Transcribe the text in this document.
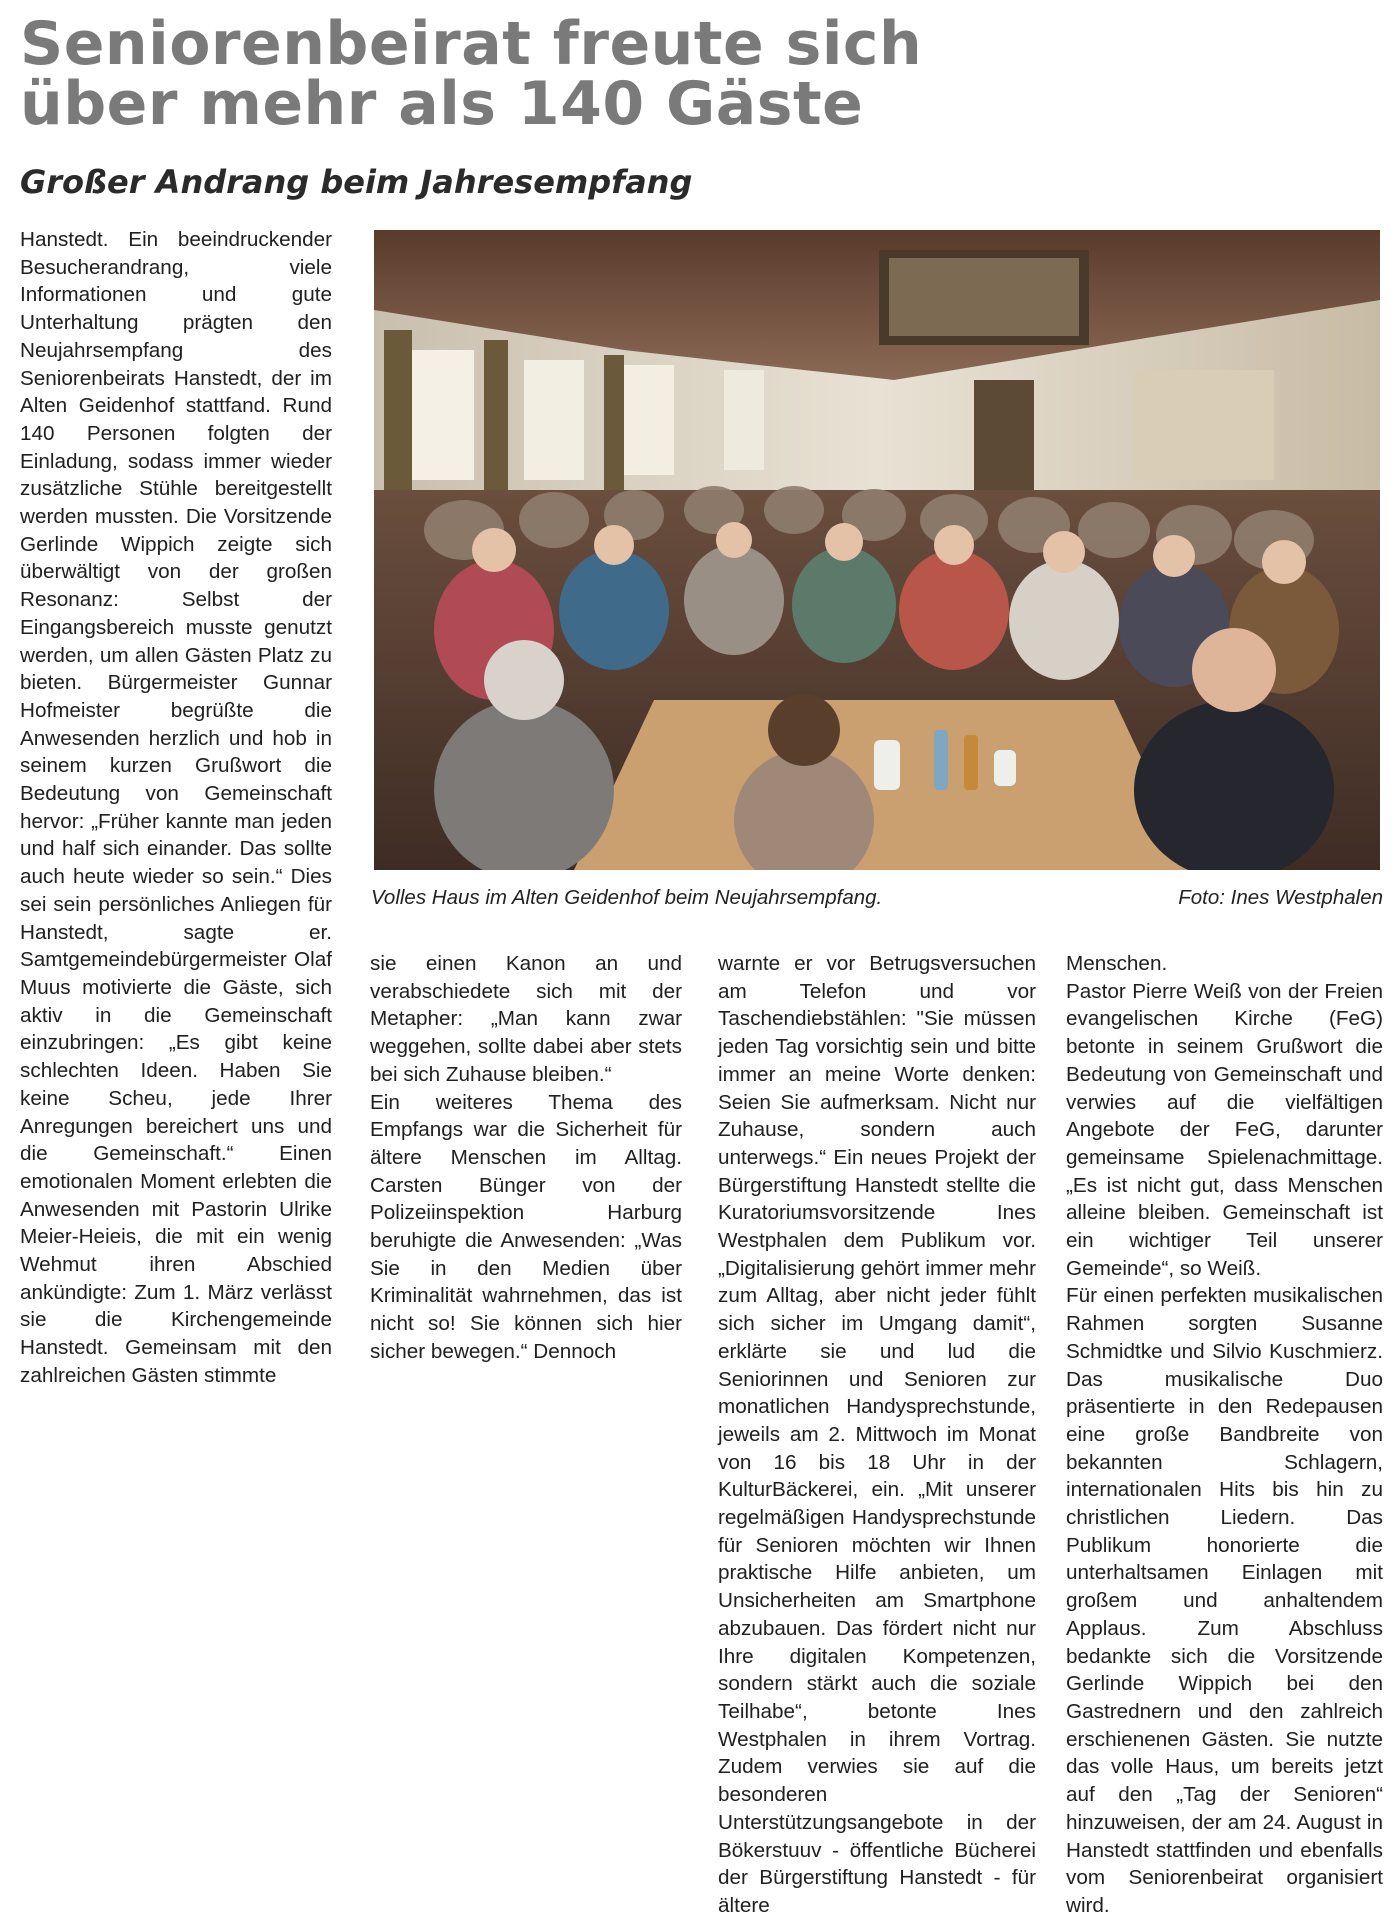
Seniorenbeirat freute sich
über mehr als 140 Gäste
Großer Andrang beim Jahresempfang

Hanstedt. Ein beeindruckender Besucherandrang, viele Informationen und gute Unterhaltung prägten den Neujahrsempfang des Seniorenbeirats Hanstedt, der im Alten Geidenhof stattfand. Rund 140 Personen folgten der Einladung, sodass immer wieder zusätzliche Stühle bereitgestellt werden mussten. Die Vorsitzende Gerlinde Wippich zeigte sich überwältigt von der großen Resonanz: Selbst der Eingangsbereich musste genutzt werden, um allen Gästen Platz zu bieten. Bürgermeister Gunnar Hofmeister begrüßte die Anwesenden herzlich und hob in seinem kurzen Grußwort die Bedeutung von Gemeinschaft hervor: „Früher kannte man jeden und half sich einander. Das sollte auch heute wieder so sein.“ Dies sei sein persönliches Anliegen für Hanstedt, sagte er. Samtgemeindebürgermeister Olaf Muus motivierte die Gäste, sich aktiv in die Gemeinschaft einzubringen: „Es gibt keine schlechten Ideen. Haben Sie keine Scheu, jede Ihrer Anregungen bereichert uns und die Gemeinschaft.“ Einen emotionalen Moment erlebten die Anwesenden mit Pastorin Ulrike Meier-Heieis, die mit ein wenig Wehmut ihren Abschied ankündigte: Zum 1. März verlässt sie die Kirchengemeinde Hanstedt. Gemeinsam mit den zahlreichen Gästen stimmte

Volles Haus im Alten Geidenhof beim Neujahrsempfang.	Foto: Ines Westphalen

sie einen Kanon an und verabschiedete sich mit der Metapher: „Man kann zwar weggehen, sollte dabei aber stets bei sich Zuhause bleiben.“

Ein weiteres Thema des Empfangs war die Sicherheit für ältere Menschen im Alltag. Carsten Bünger von der Polizeiinspektion Harburg beruhigte die Anwesenden: „Was Sie in den Medien über Kriminalität wahrnehmen, das ist nicht so! Sie können sich hier sicher bewegen.“ Dennoch

warnte er vor Betrugsversuchen am Telefon und vor Taschendiebstählen: "Sie müssen jeden Tag vorsichtig sein und bitte immer an meine Worte denken: Seien Sie aufmerksam. Nicht nur Zuhause, sondern auch unterwegs.“ Ein neues Projekt der Bürgerstiftung Hanstedt stellte die Kuratoriumsvorsitzende Ines Westphalen dem Publikum vor. „Digitalisierung gehört immer mehr zum Alltag, aber nicht jeder fühlt sich sicher im Umgang damit“, erklärte sie und lud die Seniorinnen und Senioren zur monatlichen Handysprechstunde, jeweils am 2. Mittwoch im Monat von 16 bis 18 Uhr in der KulturBäckerei, ein. „Mit unserer regelmäßigen Handysprechstunde für Senioren möchten wir Ihnen praktische Hilfe anbieten, um Unsicherheiten am Smartphone abzubauen. Das fördert nicht nur Ihre digitalen Kompetenzen, sondern stärkt auch die soziale Teilhabe“, betonte Ines Westphalen in ihrem Vortrag. Zudem verwies sie auf die besonderen Unterstützungsangebote in der Bökerstuuv - öffentliche Bücherei der Bürgerstiftung Hanstedt - für ältere

Menschen.

Pastor Pierre Weiß von der Freien evangelischen Kirche (FeG) betonte in seinem Grußwort die Bedeutung von Gemeinschaft und verwies auf die vielfältigen Angebote der FeG, darunter gemeinsame Spielenachmittage. „Es ist nicht gut, dass Menschen alleine bleiben. Gemeinschaft ist ein wichtiger Teil unserer Gemeinde“, so Weiß.

Für einen perfekten musikalischen Rahmen sorgten Susanne Schmidtke und Silvio Kuschmierz. Das musikalische Duo präsentierte in den Redepausen eine große Bandbreite von bekannten Schlagern, internationalen Hits bis hin zu christlichen Liedern. Das Publikum honorierte die unterhaltsamen Einlagen mit großem und anhaltendem Applaus. Zum Abschluss bedankte sich die Vorsitzende Gerlinde Wippich bei den Gastrednern und den zahlreich erschienenen Gästen. Sie nutzte das volle Haus, um bereits jetzt auf den „Tag der Senioren“ hinzuweisen, der am 24. August in Hanstedt stattfinden und ebenfalls vom Seniorenbeirat organisiert wird.
